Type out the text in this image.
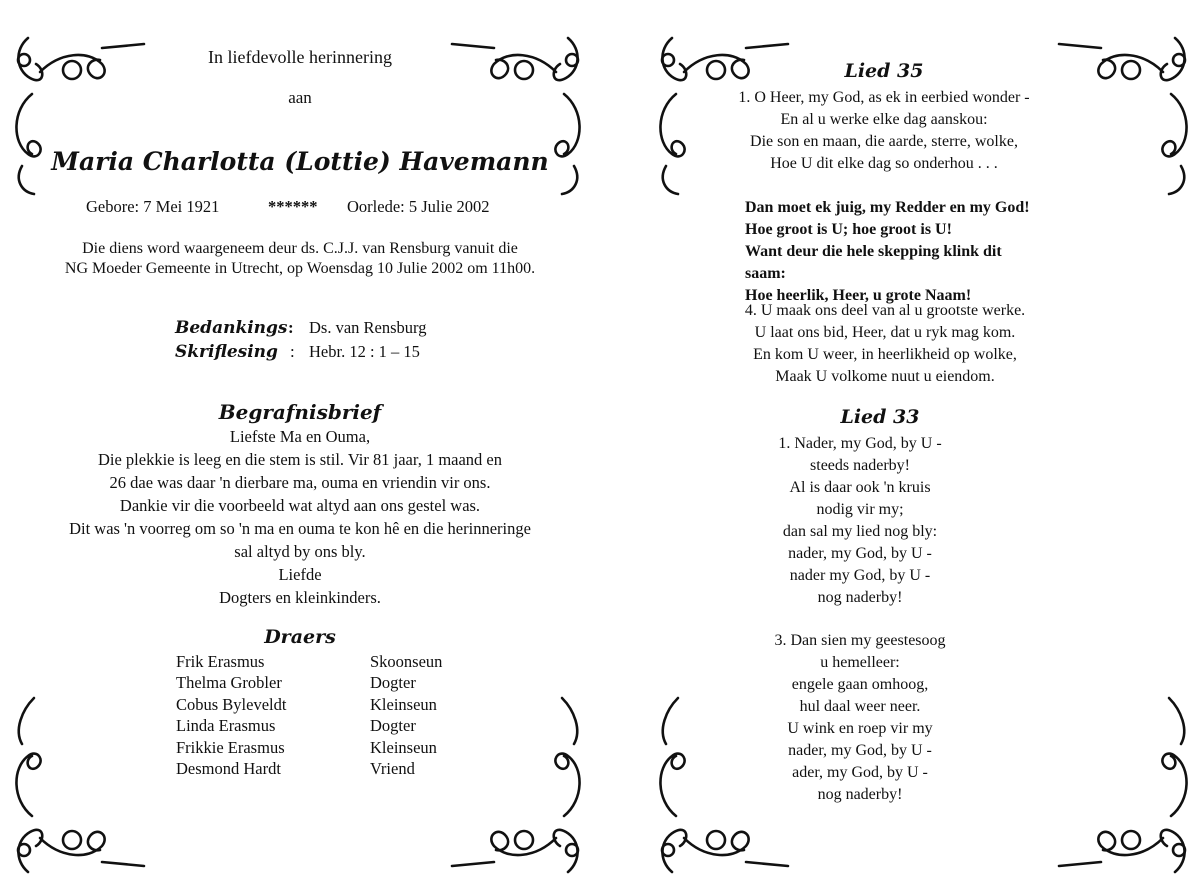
In liefdevolle herinnering
aan
Maria Charlotta (Lottie) Havemann
Gebore: 7 Mei 1921	****** Oorlede: 5 Julie 2002
Die diens word waargeneem deur ds. C.J.J. van Rensburg vanuit die
NG Moeder Gemeente in Utrecht, op Woensdag 10 Julie 2002 om 11h00.
Bedankings : Ds. van Rensburg
Skriflesing : Hebr. 12 : 1 – 15
Begrafnisbrief
Liefste Ma en Ouma,
Die plekkie is leeg en die stem is stil. Vir 81 jaar, 1 maand en
26 dae was daar 'n dierbare ma, ouma en vriendin vir ons.
Dankie vir die voorbeeld wat altyd aan ons gestel was.
Dit was 'n voorreg om so 'n ma en ouma te kon hê en die herinneringe
sal altyd by ons bly.
Liefde
Dogters en kleinkinders.
Draers
Frik Erasmus	Skoonseun
Thelma Grobler	Dogter
Cobus Byleveldt	Kleinseun
Linda Erasmus	Dogter
Frikkie Erasmus	Kleinseun
Desmond Hardt	Vriend
Lied 35
1. O Heer, my God, as ek in eerbied wonder -
En al u werke elke dag aanskou:
Die son en maan, die aarde, sterre, wolke,
Hoe U dit elke dag so onderhou . . .
Dan moet ek juig, my Redder en my God!
Hoe groot is U; hoe groot is U!
Want deur die hele skepping klink dit saam:
Hoe heerlik, Heer, u grote Naam!
4. U maak ons deel van al u grootste werke.
U laat ons bid, Heer, dat u ryk mag kom.
En kom U weer, in heerlikheid op wolke,
Maak U volkome nuut u eiendom.
Lied 33
1. Nader, my God, by U -
steeds naderby!
Al is daar ook 'n kruis
nodig vir my;
dan sal my lied nog bly:
nader, my God, by U -
nader my God, by U -
nog naderby!
3. Dan sien my geestesoog
u hemelleer:
engele gaan omhoog,
hul daal weer neer.
U wink en roep vir my
nader, my God, by U -
ader, my God, by U -
nog naderby!
